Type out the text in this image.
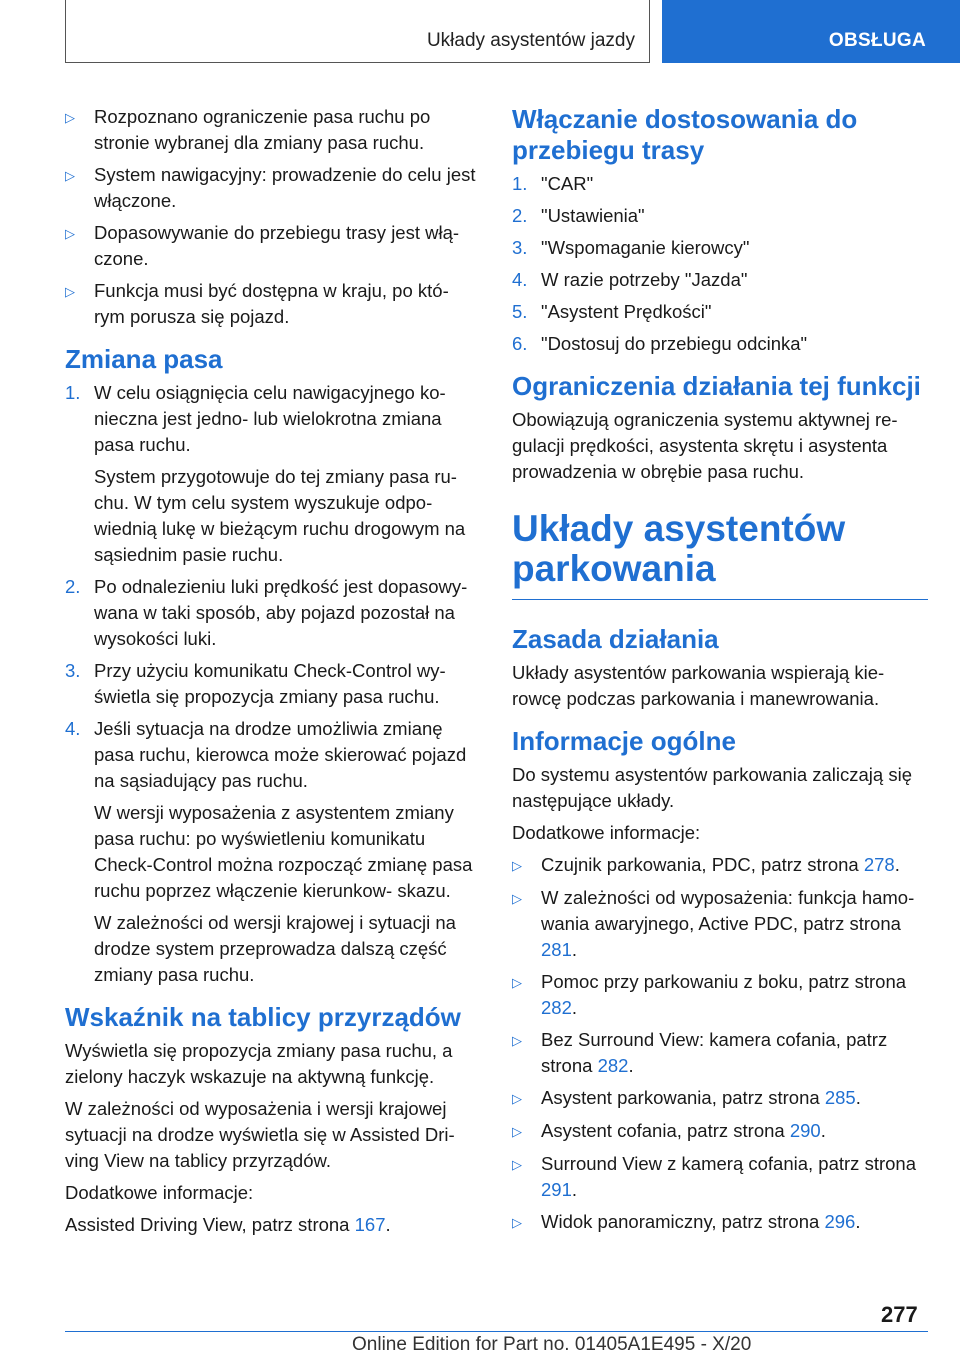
Układy asystentów jazdy	OBSŁUGA
▷	Rozpoznano ograniczenie pasa ruchu po stronie wybranej dla zmiany pasa ruchu.
▷	System nawigacyjny: prowadzenie do celu jest włączone.
▷	Dopasowywanie do przebiegu trasy jest włą‐ czone.
▷	Funkcja musi być dostępna w kraju, po któ‐ rym porusza się pojazd.
Zmiana pasa
1. W celu osiągnięcia celu nawigacyjnego ko‐ nieczna jest jedno- lub wielokrotna zmiana pasa ruchu.
System przygotowuje do tej zmiany pasa ru‐ chu. W tym celu system wyszukuje odpo‐ wiednią lukę w bieżącym ruchu drogowym na sąsiednim pasie ruchu.
2. Po odnalezieniu luki prędkość jest dopasowy‐ wana w taki sposób, aby pojazd pozostał na wysokości luki.
3. Przy użyciu komunikatu Check-Control wy‐ świetla się propozycja zmiany pasa ruchu.
4. Jeśli sytuacja na drodze umożliwia zmianę pasa ruchu, kierowca może skierować pojazd na sąsiadujący pas ruchu.
W wersji wyposażenia z asystentem zmiany pasa ruchu: po wyświetleniu komunikatu Check-Control można rozpocząć zmianę pasa ruchu poprzez włączenie kierunkow‐ skazu.
W zależności od wersji krajowej i sytuacji na drodze system przeprowadza dalszą część zmiany pasa ruchu.
Wskaźnik na tablicy przyrządów
Wyświetla się propozycja zmiany pasa ruchu, a zielony haczyk wskazuje na aktywną funkcję.
W zależności od wyposażenia i wersji krajowej sytuacji na drodze wyświetla się w Assisted Dri‐ ving View na tablicy przyrządów.
Dodatkowe informacje:
Assisted Driving View, patrz strona 167.
Włączanie dostosowania do przebiegu trasy
1. "CAR"
2. "Ustawienia"
3. "Wspomaganie kierowcy"
4. W razie potrzeby "Jazda"
5. "Asystent Prędkości"
6. "Dostosuj do przebiegu odcinka"
Ograniczenia działania tej funkcji
Obowiązują ograniczenia systemu aktywnej re‐ gulacji prędkości, asystenta skrętu i asystenta prowadzenia w obrębie pasa ruchu.
Układy asystentów parkowania
Zasada działania
Układy asystentów parkowania wspierają kie‐ rowcę podczas parkowania i manewrowania.
Informacje ogólne
Do systemu asystentów parkowania zaliczają się następujące układy.
Dodatkowe informacje:
▷	Czujnik parkowania, PDC, patrz strona 278.
▷	W zależności od wyposażenia: funkcja hamo‐ wania awaryjnego, Active PDC, patrz strona 281.
▷	Pomoc przy parkowaniu z boku, patrz strona 282.
▷	Bez Surround View: kamera cofania, patrz strona 282.
▷	Asystent parkowania, patrz strona 285.
▷	Asystent cofania, patrz strona 290.
▷	Surround View z kamerą cofania, patrz strona 291.
▷	Widok panoramiczny, patrz strona 296.
277
Online Edition for Part no. 01405A1E495 - X/20
